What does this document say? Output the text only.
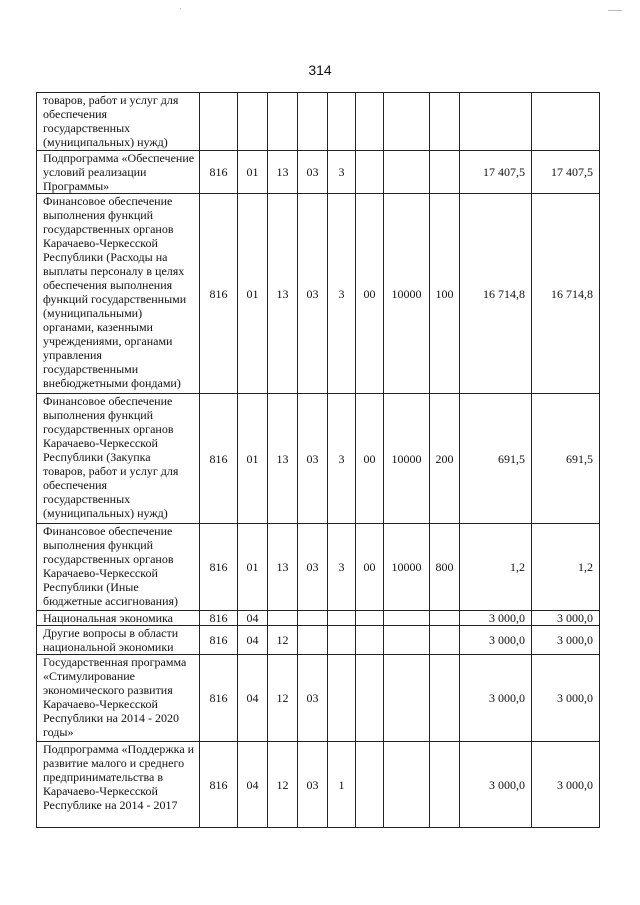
314
товаров, работ и услуг для обеспечения государственных (муниципальных) нужд)										
Подпрограмма «Обеспечение условий реализации Программы»	816	01	13	03	3				17 407,5	17 407,5
Финансовое обеспечение выполнения функций государственных органов Карачаево-Черкесской Республики (Расходы на выплаты персоналу в целях обеспечения выполнения функций государственными (муниципальными) органами, казенными учреждениями, органами управления государственными внебюджетными фондами)	816	01	13	03	3	00	10000	100	16 714,8	16 714,8
Финансовое обеспечение выполнения функций государственных органов Карачаево-Черкесской Республики (Закупка товаров, работ и услуг для обеспечения государственных (муниципальных) нужд)	816	01	13	03	3	00	10000	200	691,5	691,5
Финансовое обеспечение выполнения функций государственных органов Карачаево-Черкесской Республики (Иные бюджетные ассигнования)	816	01	13	03	3	00	10000	800	1,2	1,2
Национальная экономика	816	04							3 000,0	3 000,0
Другие вопросы в области национальной экономики	816	04	12						3 000,0	3 000,0
Государственная программа «Стимулирование экономического развития Карачаево-Черкесской Республики на 2014 - 2020 годы»	816	04	12	03					3 000,0	3 000,0
Подпрограмма «Поддержка и развитие малого и среднего предпринимательства в Карачаево-Черкесской Республике на 2014 - 2017	816	04	12	03	1				3 000,0	3 000,0
